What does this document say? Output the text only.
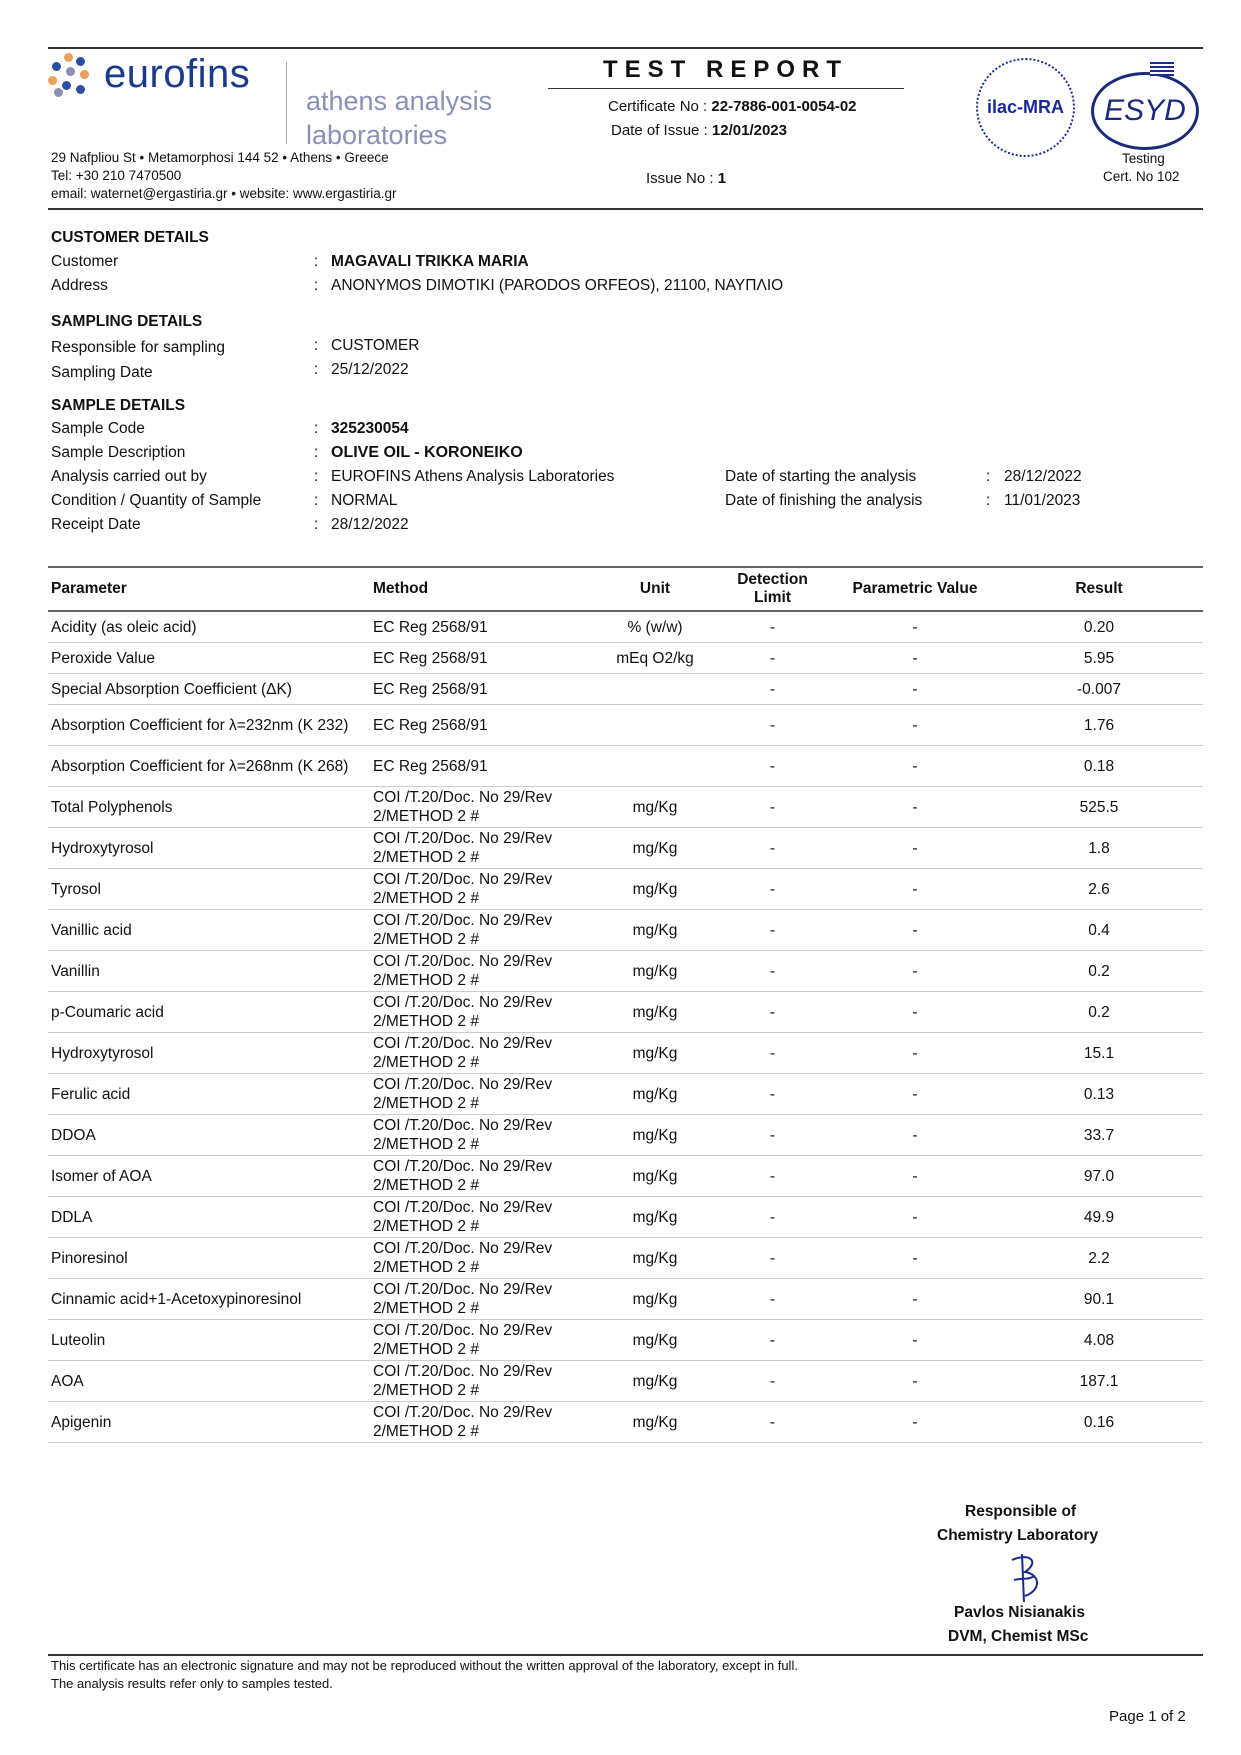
eurofins
athens analysis laboratories
29 Nafpliou St • Metamorphosi 144 52 • Athens • Greece
Tel: +30 210 7470500
email: waternet@ergastiria.gr • website: www.ergastiria.gr
TEST REPORT
Certificate No : 22-7886-001-0054-02
Date of Issue : 12/01/2023
Issue No : 1
ilac-MRA ESYD
Testing
Cert. No 102
CUSTOMER DETAILS
Customer	: MAGAVALI TRIKKA MARIA
Address	: ANONYMOS DIMOTIKI (PARODOS ORFEOS), 21100, ΝΑΥΠΛΙΟ
SAMPLING DETAILS
Responsible for sampling	: CUSTOMER
Sampling Date	: 25/12/2022
SAMPLE DETAILS
Sample Code	: 325230054
Sample Description	: OLIVE OIL - KORONEIKO
Analysis carried out by	: EUROFINS Athens Analysis Laboratories
Condition / Quantity of Sample	: NORMAL
Receipt Date	: 28/12/2022
Date of starting the analysis	: 28/12/2022
Date of finishing the analysis	: 11/01/2023
Parameter	Method	Unit	Detection Limit	Parametric Value	Result
Acidity (as oleic acid)	EC Reg 2568/91	% (w/w)	-	-	0.20
Peroxide Value	EC Reg 2568/91	mEq O2/kg	-	-	5.95
Special Absorption Coefficient (ΔK)	EC Reg 2568/91		-	-	-0.007
Absorption Coefficient for λ=232nm (K 232)	EC Reg 2568/91		-	-	1.76
Absorption Coefficient for λ=268nm (K 268)	EC Reg 2568/91		-	-	0.18
Total Polyphenols	COI /T.20/Doc. No 29/Rev 2/METHOD 2 #	mg/Kg	-	-	525.5
Hydroxytyrosol	COI /T.20/Doc. No 29/Rev 2/METHOD 2 #	mg/Kg	-	-	1.8
Tyrosol	COI /T.20/Doc. No 29/Rev 2/METHOD 2 #	mg/Kg	-	-	2.6
Vanillic acid	COI /T.20/Doc. No 29/Rev 2/METHOD 2 #	mg/Kg	-	-	0.4
Vanillin	COI /T.20/Doc. No 29/Rev 2/METHOD 2 #	mg/Kg	-	-	0.2
p-Coumaric acid	COI /T.20/Doc. No 29/Rev 2/METHOD 2 #	mg/Kg	-	-	0.2
Hydroxytyrosol	COI /T.20/Doc. No 29/Rev 2/METHOD 2 #	mg/Kg	-	-	15.1
Ferulic acid	COI /T.20/Doc. No 29/Rev 2/METHOD 2 #	mg/Kg	-	-	0.13
DDOA	COI /T.20/Doc. No 29/Rev 2/METHOD 2 #	mg/Kg	-	-	33.7
Isomer of AOA	COI /T.20/Doc. No 29/Rev 2/METHOD 2 #	mg/Kg	-	-	97.0
DDLA	COI /T.20/Doc. No 29/Rev 2/METHOD 2 #	mg/Kg	-	-	49.9
Pinoresinol	COI /T.20/Doc. No 29/Rev 2/METHOD 2 #	mg/Kg	-	-	2.2
Cinnamic acid+1-Acetoxypinoresinol	COI /T.20/Doc. No 29/Rev 2/METHOD 2 #	mg/Kg	-	-	90.1
Luteolin	COI /T.20/Doc. No 29/Rev 2/METHOD 2 #	mg/Kg	-	-	4.08
AOA	COI /T.20/Doc. No 29/Rev 2/METHOD 2 #	mg/Kg	-	-	187.1
Apigenin	COI /T.20/Doc. No 29/Rev 2/METHOD 2 #	mg/Kg	-	-	0.16
Responsible of
Chemistry Laboratory
Pavlos Nisianakis
DVM, Chemist MSc
This certificate has an electronic signature and may not be reproduced without the written approval of the laboratory, except in full.
The analysis results refer only to samples tested.
Page 1 of 2
